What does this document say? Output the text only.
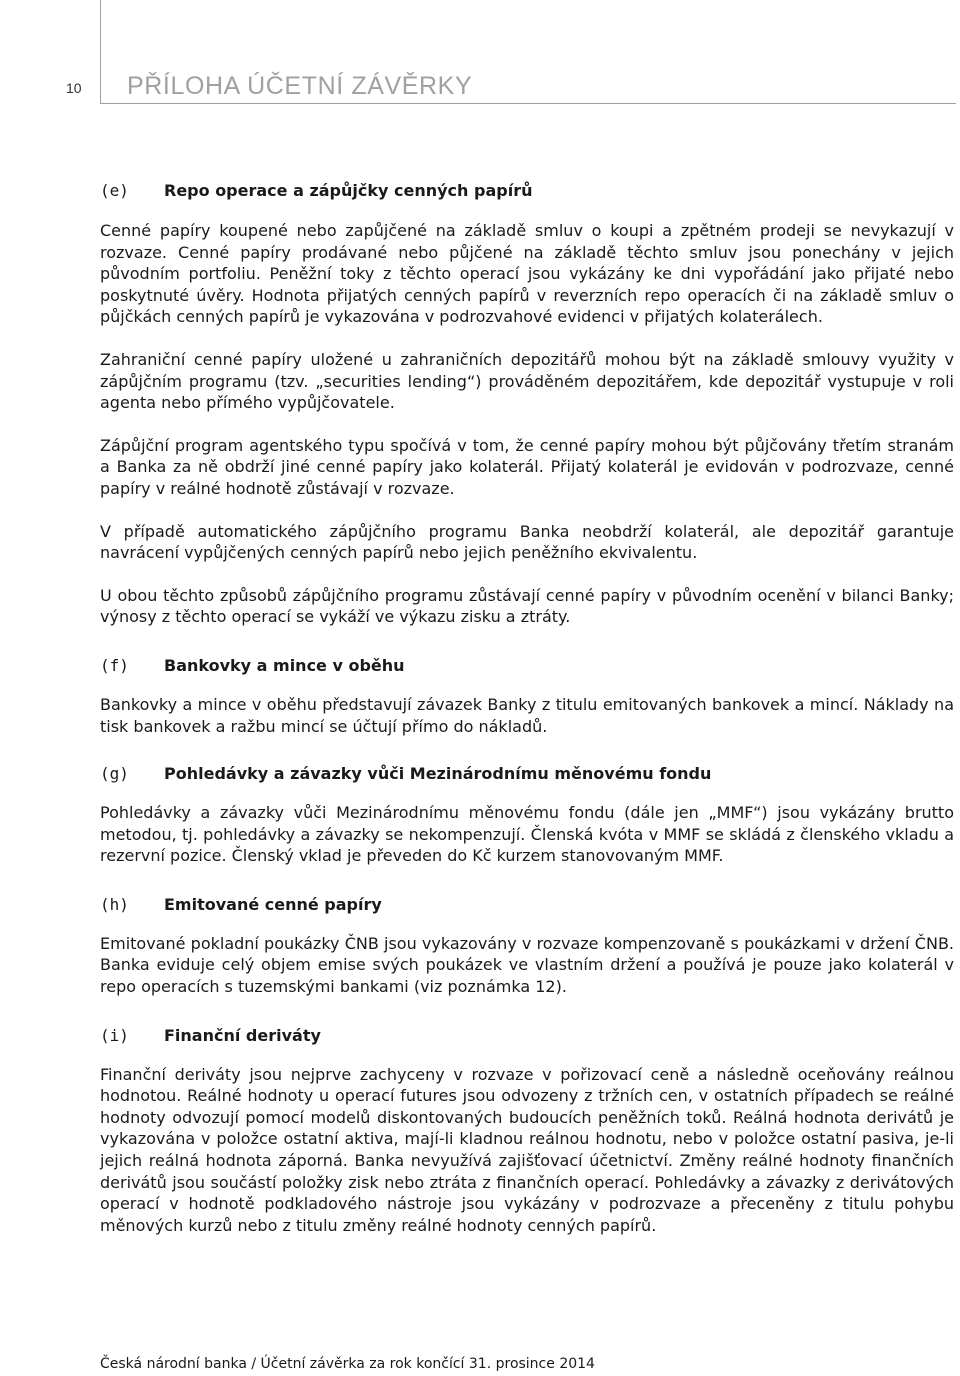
10 PŘÍLOHA ÚČETNÍ ZÁVĚRKY
(e)	Repo operace a zápůjčky cenných papírů

Cenné papíry koupené nebo zapůjčené na základě smluv o koupi a zpětném prodeji se nevykazují v rozvaze. Cenné papíry prodávané nebo půjčené na základě těchto smluv jsou ponechány v jejich původním portfoliu. Peněžní toky z těchto operací jsou vykázány ke dni vypořádání jako přijaté nebo poskytnuté úvěry. Hodnota přijatých cenných papírů v reverzních repo operacích či na základě smluv o půjčkách cenných papírů je vykazována v podrozvahové evidenci v přijatých kolaterálech.

Zahraniční cenné papíry uložené u zahraničních depozitářů mohou být na základě smlouvy využity v zápůjčním programu (tzv. „securities lending“) prováděném depozitářem, kde depozitář vystupuje v roli agenta nebo přímého vypůjčovatele.

Zápůjční program agentského typu spočívá v tom, že cenné papíry mohou být půjčovány třetím stranám a Banka za ně obdrží jiné cenné papíry jako kolaterál. Přijatý kolaterál je evidován v podrozvaze, cenné papíry v reálné hodnotě zůstávají v rozvaze.

V případě automatického zápůjčního programu Banka neobdrží kolaterál, ale depozitář garantuje navrácení vypůjčených cenných papírů nebo jejich peněžního ekvivalentu.

U obou těchto způsobů zápůjčního programu zůstávají cenné papíry v původním ocenění v bilanci Banky; výnosy z těchto operací se vykáží ve výkazu zisku a ztráty.

(f)	Bankovky a mince v oběhu

Bankovky a mince v oběhu představují závazek Banky z titulu emitovaných bankovek a mincí. Náklady na tisk bankovek a ražbu mincí se účtují přímo do nákladů.

(g)	Pohledávky a závazky vůči Mezinárodnímu měnovému fondu

Pohledávky a závazky vůči Mezinárodnímu měnovému fondu (dále jen „MMF“) jsou vykázány brutto metodou, tj. pohledávky a závazky se nekompenzují. Členská kvóta v MMF se skládá z členského vkladu a rezervní pozice. Členský vklad je převeden do Kč kurzem stanovovaným MMF.

(h)	Emitované cenné papíry

Emitované pokladní poukázky ČNB jsou vykazovány v rozvaze kompenzovaně s poukázkami v držení ČNB. Banka eviduje celý objem emise svých poukázek ve vlastním držení a používá je pouze jako kolaterál v repo operacích s tuzemskými bankami (viz poznámka 12).

(i)	Finanční deriváty

Finanční deriváty jsou nejprve zachyceny v rozvaze v pořizovací ceně a následně oceňovány reálnou hodnotou. Reálné hodnoty u operací futures jsou odvozeny z tržních cen, v ostatních případech se reálné hodnoty odvozují pomocí modelů diskontovaných budoucích peněžních toků. Reálná hodnota derivátů je vykazována v položce ostatní aktiva, mají-li kladnou reálnou hodnotu, nebo v položce ostatní pasiva, je-li jejich reálná hodnota záporná. Banka nevyužívá zajišťovací účetnictví. Změny reálné hodnoty finančních derivátů jsou součástí položky zisk nebo ztráta z finančních operací. Pohledávky a závazky z derivátových operací v hodnotě podkladového nástroje jsou vykázány v podrozvaze a přeceněny z titulu pohybu měnových kurzů nebo z titulu změny reálné hodnoty cenných papírů.

Česká národní banka / Účetní závěrka za rok končící 31. prosince 2014
